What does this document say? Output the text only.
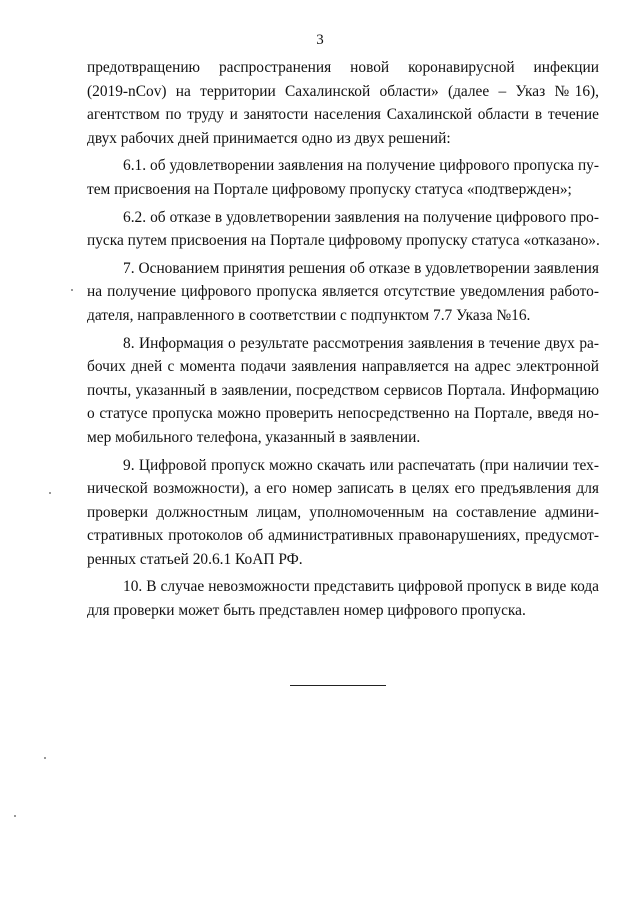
3
предотвращению распространения новой коронавирусной инфекции
(2019-nCov) на территории Сахалинской области» (далее – Указ №16),
агентством по труду и занятости населения Сахалинской области в течение
двух рабочих дней принимается одно из двух решений:
6.1. об удовлетворении заявления на получение цифрового пропуска пу-
тем присвоения на Портале цифровому пропуску статуса «подтвержден»;
6.2. об отказе в удовлетворении заявления на получение цифрового про-
пуска путем присвоения на Портале цифровому пропуску статуса «отказано».
7. Основанием принятия решения об отказе в удовлетворении заявления
на получение цифрового пропуска является отсутствие уведомления работо-
дателя, направленного в соответствии с подпунктом 7.7 Указа №16.
8. Информация о результате рассмотрения заявления в течение двух ра-
бочих дней с момента подачи заявления направляется на адрес электронной
почты, указанный в заявлении, посредством сервисов Портала. Информацию
о статусе пропуска можно проверить непосредственно на Портале, введя но-
мер мобильного телефона, указанный в заявлении.
9. Цифровой пропуск можно скачать или распечатать (при наличии тех-
нической возможности), а его номер записать в целях его предъявления для
проверки должностным лицам, уполномоченным на составление админи-
стративных протоколов об административных правонарушениях, предусмот-
ренных статьей 20.6.1 КоАП РФ.
10. В случае невозможности представить цифровой пропуск в виде кода
для проверки может быть представлен номер цифрового пропуска.
